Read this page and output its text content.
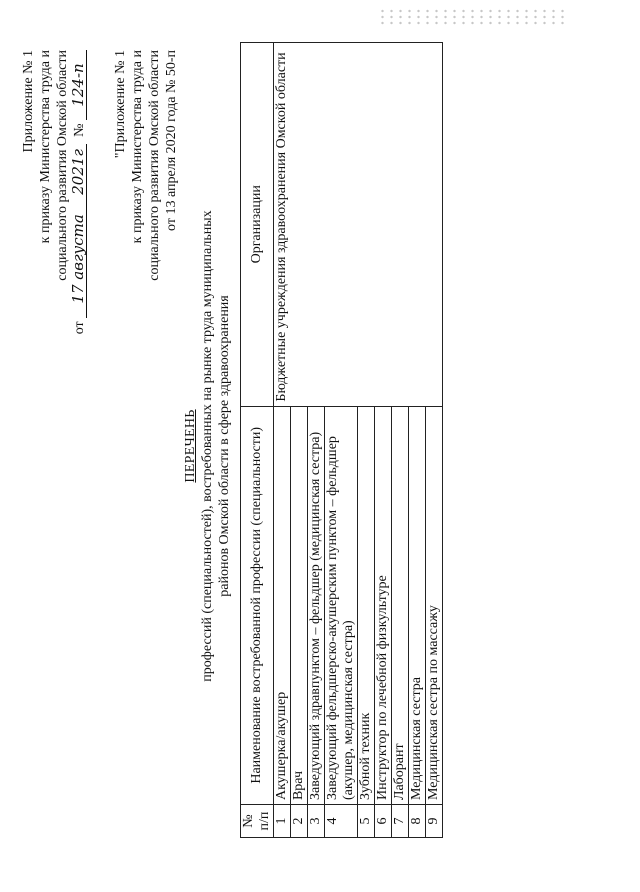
Приложение № 1 к приказу Министерства труда и социального развития Омской области
от 17 августа2021г  № 124-п "Приложение № 1 к приказу Министерства труда и социального развития Омской области от 13 апреля 2020 года № 50-п
ПЕРЕЧЕНЬ профессий (специальностей), востребованных на рынке труда муниципальных районов Омской области в сфере здравоохранения
№ п/п	Наименование востребованной профессии (специальности)	Организации
1	Акушерка/акушер	Бюджетные учреждения здравоохранения Омской области
2	Врач	
3	Заведующий здравпунктом – фельдшер (медицинская сестра)	
4	Заведующий фельдшерско-акушерским пунктом – фельдшер (акушер, медицинская сестра)	
5	Зубной техник	
6	Инструктор по лечебной физкультуре	
7	Лаборант	
8	Медицинская сестра	
9	Медицинская сестра по массажу	
